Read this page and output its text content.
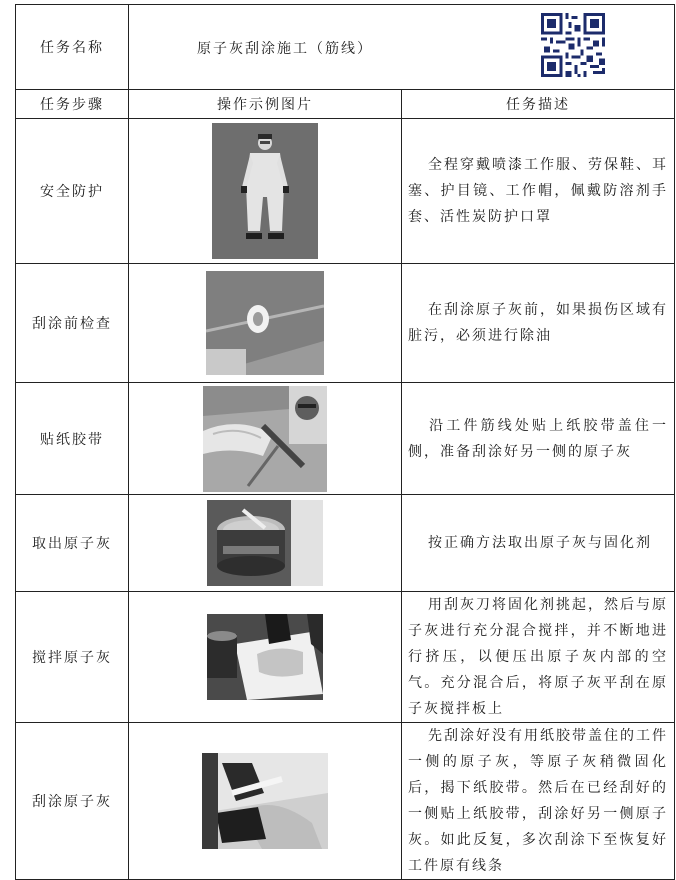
任务名称	原子灰刮涂施工（筋线）	

任务步骤	操作示例图片	任务描述
安全防护		全程穿戴喷漆工作服、劳保鞋、耳塞、护目镜、工作帽，佩戴防溶剂手套、活性炭防护口罩
刮涂前检查		在刮涂原子灰前，如果损伤区域有脏污，必须进行除油
贴纸胶带		沿工件筋线处贴上纸胶带盖住一侧，准备刮涂好另一侧的原子灰
取出原子灰		按正确方法取出原子灰与固化剂
搅拌原子灰		用刮灰刀将固化剂挑起，然后与原子灰进行充分混合搅拌，并不断地进行挤压，以便压出原子灰内部的空气。充分混合后，将原子灰平刮在原子灰搅拌板上
刮涂原子灰		先刮涂好没有用纸胶带盖住的工件一侧的原子灰，等原子灰稍微固化后，揭下纸胶带。然后在已经刮好的一侧贴上纸胶带，刮涂好另一侧原子灰。如此反复，多次刮涂下至恢复好工件原有线条
